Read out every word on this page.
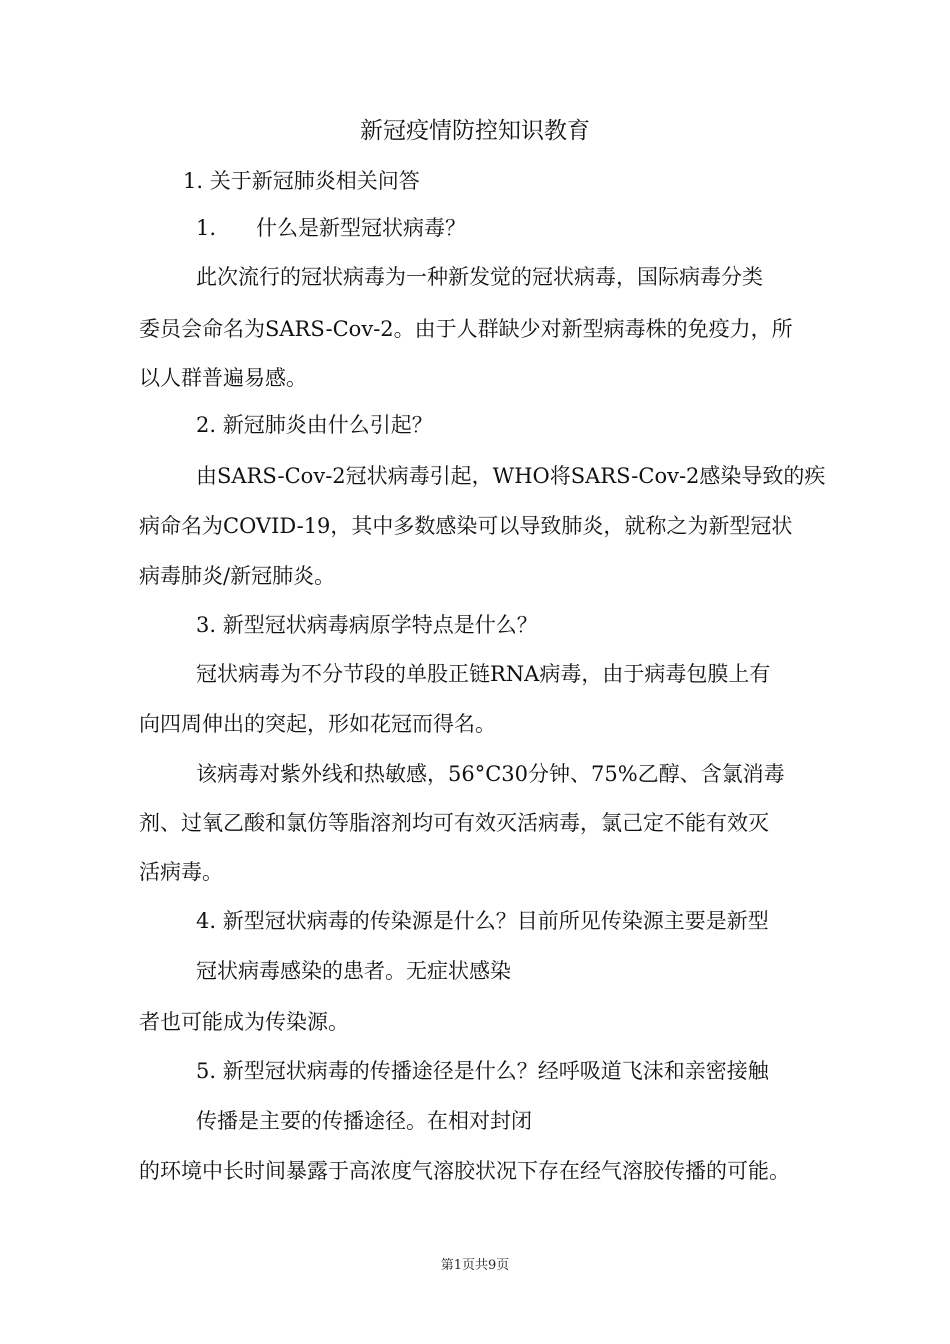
新冠疫情防控知识教育

1. 关于新冠肺炎相关问答

1. 什么是新型冠状病毒？

此次流行的冠状病毒为一种新发觉的冠状病毒，国际病毒分类

委员会命名为SARS-Cov-2。由于人群缺少对新型病毒株的免疫力，所

以人群普遍易感。

2. 新冠肺炎由什么引起？

由SARS-Cov-2冠状病毒引起，WHO将SARS-Cov-2感染导致的疾

病命名为COVID-19，其中多数感染可以导致肺炎，就称之为新型冠状

病毒肺炎/新冠肺炎。

3. 新型冠状病毒病原学特点是什么？

冠状病毒为不分节段的单股正链RNA病毒，由于病毒包膜上有

向四周伸出的突起，形如花冠而得名。

该病毒对紫外线和热敏感，56°C30分钟、75%乙醇、含氯消毒

剂、过氧乙酸和氯仿等脂溶剂均可有效灭活病毒，氯己定不能有效灭

活病毒。

4. 新型冠状病毒的传染源是什么？目前所见传染源主要是新型

冠状病毒感染的患者。无症状感染

者也可能成为传染源。

5. 新型冠状病毒的传播途径是什么？经呼吸道飞沫和亲密接触

传播是主要的传播途径。在相对封闭

的环境中长时间暴露于高浓度气溶胶状况下存在经气溶胶传播的可能。

第1页共9页
